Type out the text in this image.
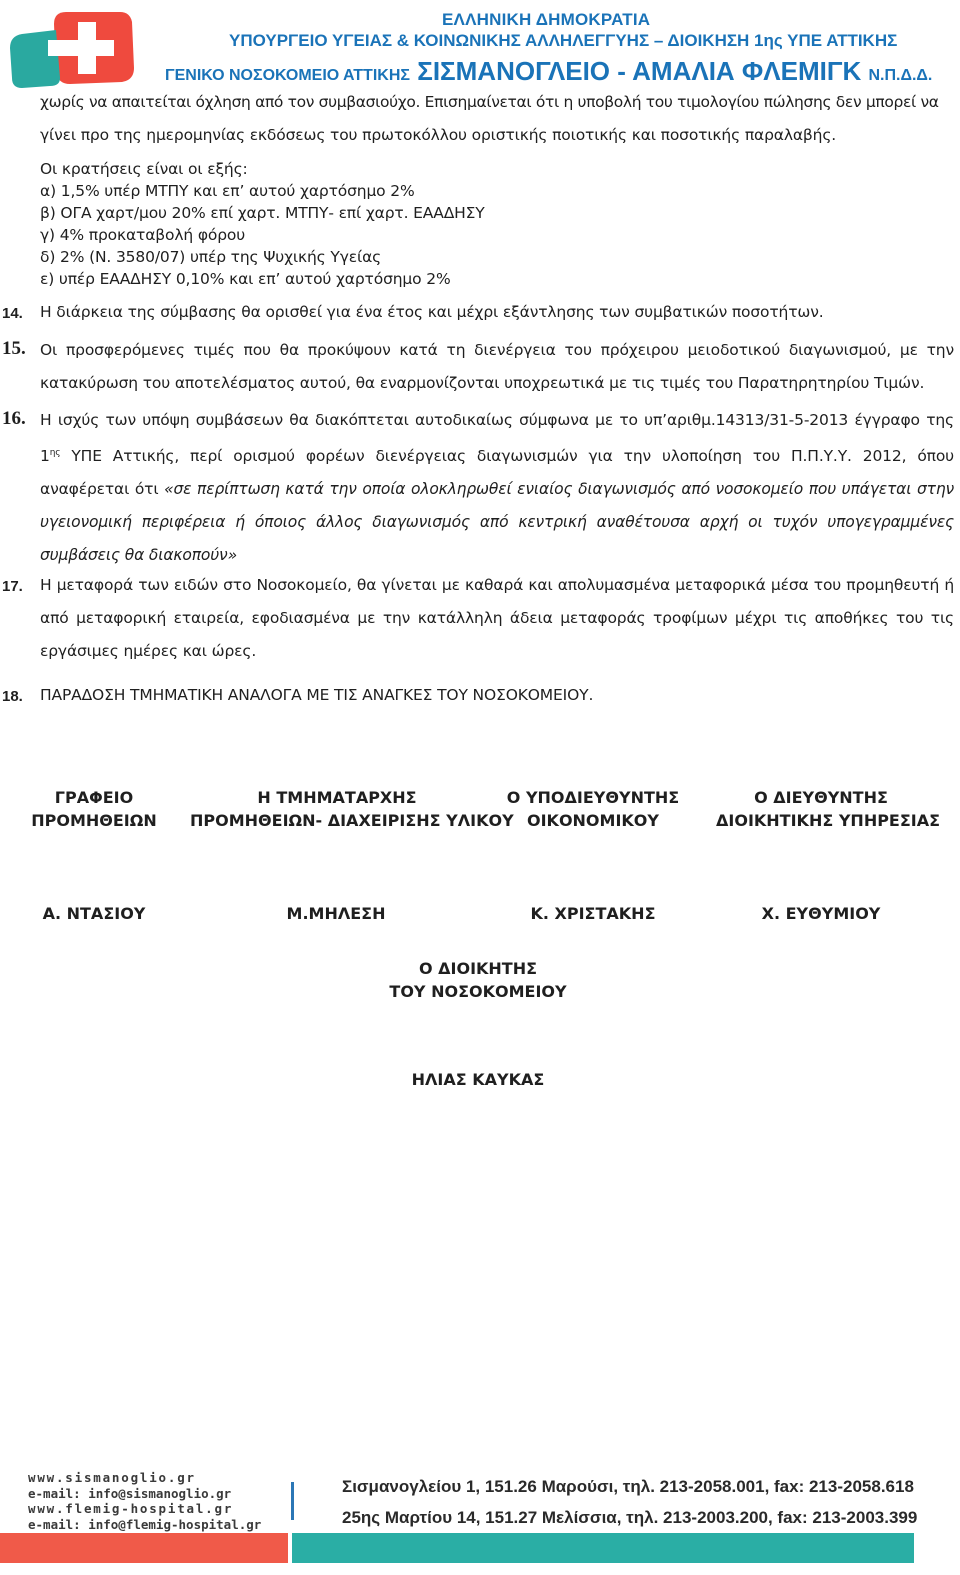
ΕΛΛΗΝΙΚΗ ΔΗΜΟΚΡΑΤΙΑ
ΥΠΟΥΡΓΕΙΟ ΥΓΕΙΑΣ & ΚΟΙΝΩΝΙΚΗΣ ΑΛΛΗΛΕΓΓΥΗΣ – ΔΙΟΙΚΗΣΗ 1ης ΥΠΕ ΑΤΤΙΚΗΣ
ΓΕΝΙΚΟ ΝΟΣΟΚΟΜΕΙΟ ΑΤΤΙΚΗΣ ΣΙΣΜΑΝΟΓΛΕΙΟ - ΑΜΑΛΙΑ ΦΛΕΜΙΓΚ Ν.Π.Δ.Δ.
χωρίς να απαιτείται όχληση από τον συμβασιούχο. Επισημαίνεται ότι η υποβολή του τιμολογίου πώλησης δεν μπορεί να
γίνει προ της ημερομηνίας εκδόσεως του πρωτοκόλλου οριστικής ποιοτικής και ποσοτικής παραλαβής.
Οι κρατήσεις είναι οι εξής:
α) 1,5% υπέρ ΜΤΠΥ και επ’ αυτού χαρτόσημο 2%
β) ΟΓΑ χαρτ/μου 20% επί χαρτ. ΜΤΠΥ- επί χαρτ. ΕΑΑΔΗΣΥ
γ) 4% προκαταβολή φόρου
δ) 2% (Ν. 3580/07) υπέρ της Ψυχικής Υγείας
ε) υπέρ ΕΑΑΔΗΣΥ 0,10% και επ’ αυτού χαρτόσημο 2%
14. Η διάρκεια της σύμβασης θα ορισθεί για ένα έτος και μέχρι εξάντλησης των συμβατικών ποσοτήτων.
15. Οι προσφερόμενες τιμές που θα προκύψουν κατά τη διενέργεια του πρόχειρου μειοδοτικού διαγωνισμού, με την κατακύρωση του αποτελέσματος αυτού, θα εναρμονίζονται υποχρεωτικά με τις τιμές του Παρατηρητηρίου Τιμών.
16. Η ισχύς των υπόψη συμβάσεων θα διακόπτεται αυτοδικαίως σύμφωνα με το υπ’αριθμ.14313/31-5-2013 έγγραφο της $1^{\eta\varsigma}$ ΥΠΕ Αττικής, περί ορισμού φορέων διενέργειας διαγωνισμών για την υλοποίηση του Π.Π.Υ.Υ. 2012, όπου αναφέρεται ότι «σε περίπτωση κατά την οποία ολοκληρωθεί ενιαίος διαγωνισμός από νοσοκομείο που υπάγεται στην υγειονομική περιφέρεια ή όποιος άλλος διαγωνισμός από κεντρική αναθέτουσα αρχή οι τυχόν υπογεγραμμένες συμβάσεις θα διακοπούν»
17. Η μεταφορά των ειδών στο Νοσοκομείο, θα γίνεται με καθαρά και απολυμασμένα μεταφορικά μέσα του προμηθευτή ή από μεταφορική εταιρεία, εφοδιασμένα με την κατάλληλη άδεια μεταφοράς τροφίμων μέχρι τις αποθήκες του τις εργάσιμες ημέρες και ώρες.
18. ΠΑΡΑΔΟΣΗ ΤΜΗΜΑΤΙΚΗ ΑΝΑΛΟΓΑ ΜΕ ΤΙΣ ΑΝΑΓΚΕΣ ΤΟΥ ΝΟΣΟΚΟΜΕΙΟΥ.
ΓΡΑΦΕΙΟ
ΠΡΟΜΗΘΕΙΩΝ
Η ΤΜΗΜΑΤΑΡΧΗΣ
ΠΡΟΜΗΘΕΙΩΝ- ΔΙΑΧΕΙΡΙΣΗΣ ΥΛΙΚΟΥ
Ο ΥΠΟΔΙΕΥΘΥΝΤΗΣ
ΟΙΚΟΝΟΜΙΚΟΥ
Ο ΔΙΕΥΘΥΝΤΗΣ
ΔΙΟΙΚΗΤΙΚΗΣ ΥΠΗΡΕΣΙΑΣ
Α. ΝΤΑΣΙΟΥ	Μ.ΜΗΛΕΣΗ	Κ. ΧΡΙΣΤΑΚΗΣ	Χ. ΕΥΘΥΜΙΟΥ
Ο ΔΙΟΙΚΗΤΗΣ
ΤΟΥ ΝΟΣΟΚΟΜΕΙΟΥ
ΗΛΙΑΣ ΚΑΥΚΑΣ
www.sismanoglio.gr
e-mail: info@sismanoglio.gr
www.flemig-hospital.gr
e-mail: info@flemig-hospital.gr
Σισμανογλείου 1, 151.26 Μαρούσι, τηλ. 213-2058.001, fax: 213-2058.618
25ης Μαρτίου 14, 151.27 Μελίσσια, τηλ. 213-2003.200, fax: 213-2003.399
